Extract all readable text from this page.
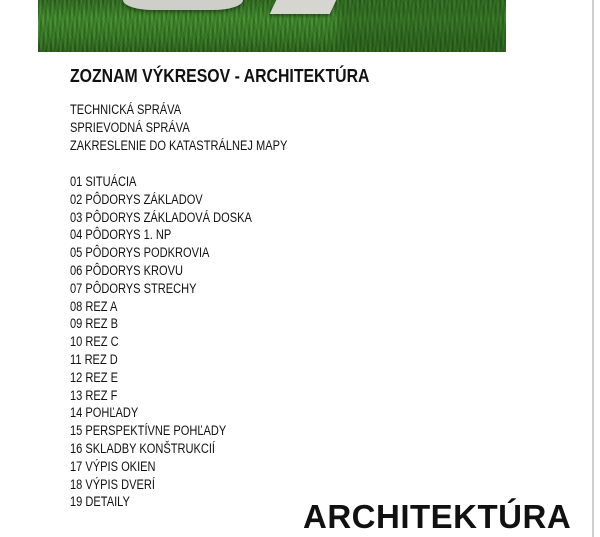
ZOZNAM VÝKRESOV - ARCHITEKTÚRA
TECHNICKÁ SPRÁVA
SPRIEVODNÁ SPRÁVA
ZAKRESLENIE DO KATASTRÁLNEJ MAPY
01 SITUÁCIA
02 PÔDORYS ZÁKLADOV
03 PÔDORYS ZÁKLADOVÁ DOSKA
04 PÔDORYS 1. NP
05 PÔDORYS PODKROVIA
06 PÔDORYS KROVU
07 PÔDORYS STRECHY
08 REZ A
09 REZ B
10 REZ C
11 REZ D
12 REZ E
13 REZ F
14 POHĽADY
15 PERSPEKTÍVNE POHĽADY
16 SKLADBY KONŠTRUKCIÍ
17 VÝPIS OKIEN
18 VÝPIS DVERÍ
19 DETAILY	ARCHITEKTÚRA
